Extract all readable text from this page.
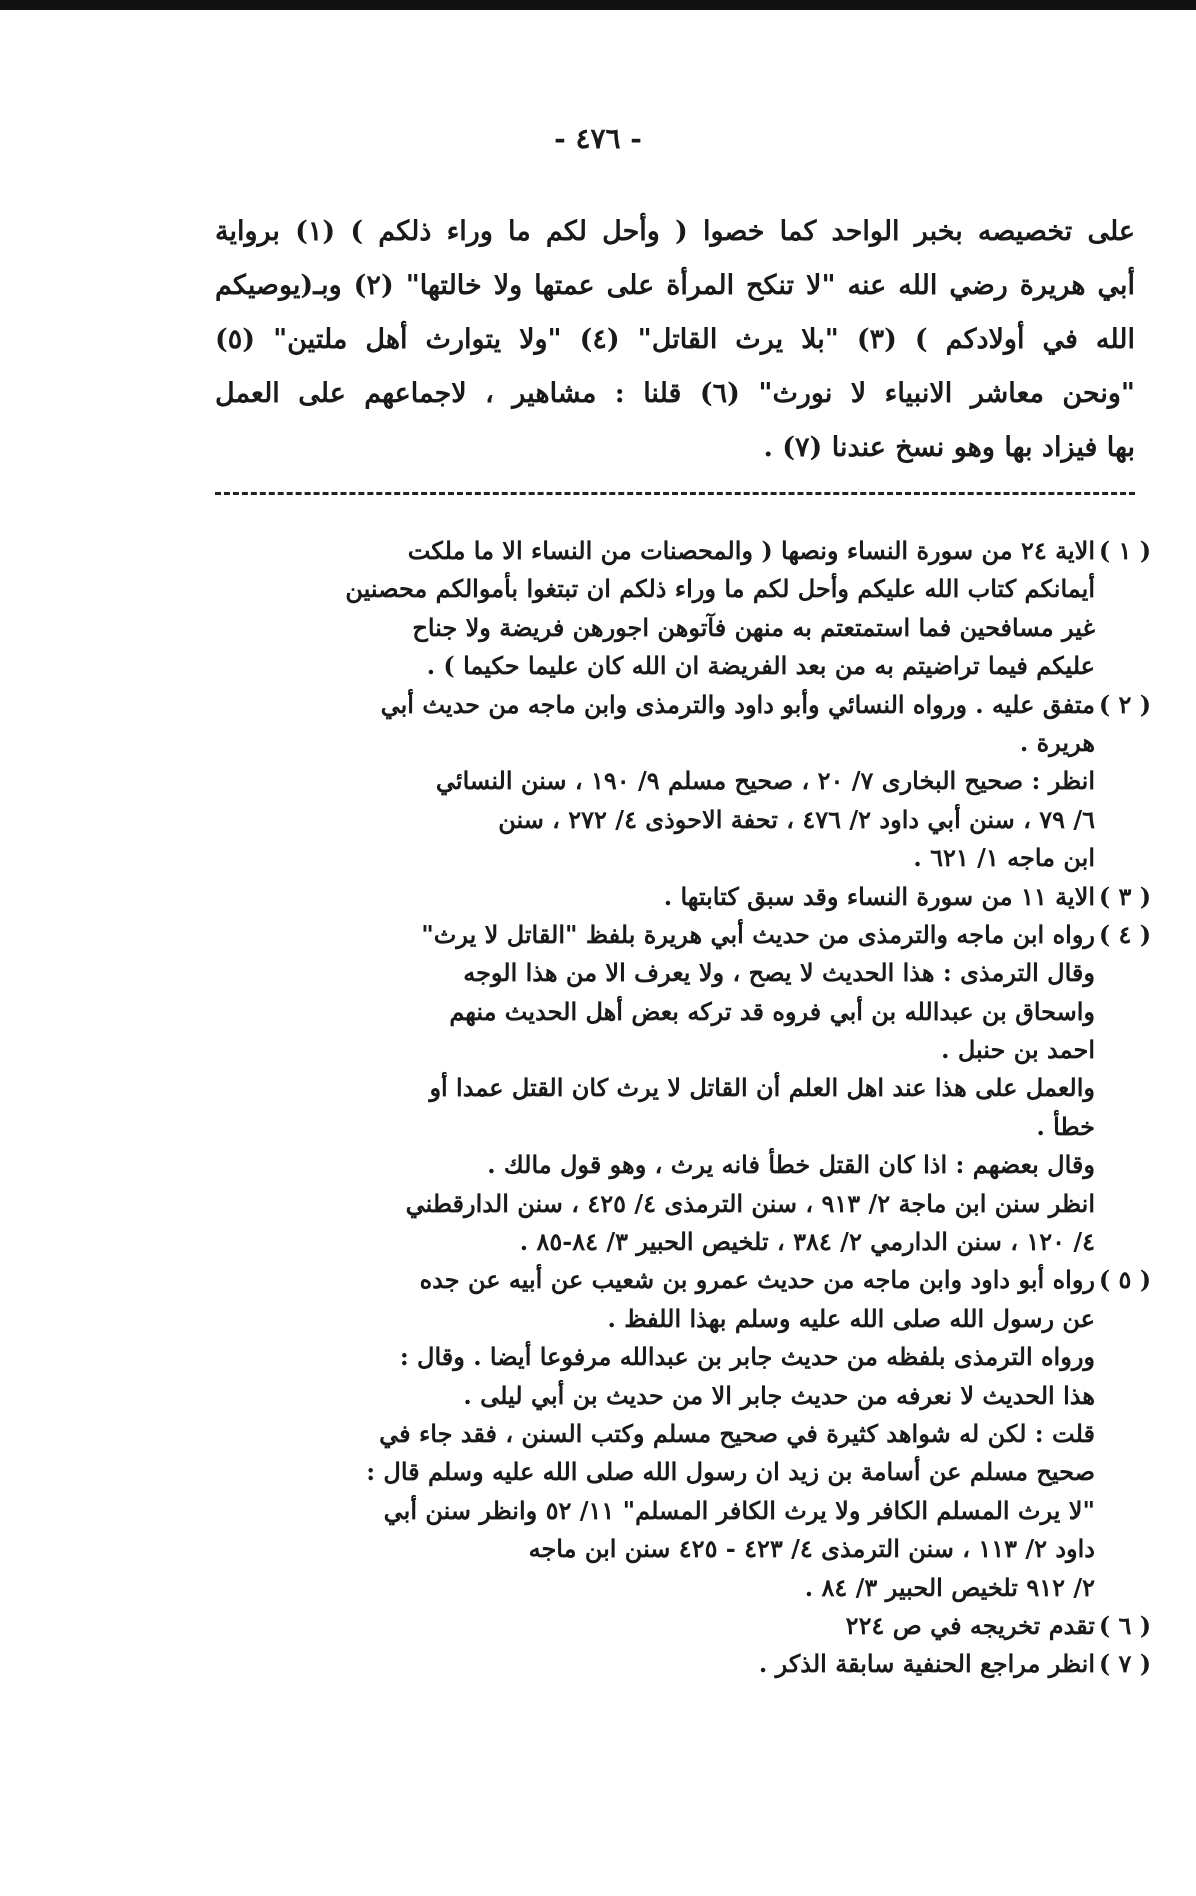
- ٤٧٦ -
على تخصيصه بخبر الواحد كما خصوا ( وأحل لكم ما وراء ذلكم ) (١) برواية
أبي هريرة رضي الله عنه "لا تنكح المرأة على عمتها ولا خالتها" (٢) وبـ(يوصيكم
الله في أولادكم ) (٣) "بلا يرث القاتل" (٤) "ولا يتوارث أهل ملتين" (٥)
"ونحن معاشر الانبياء لا نورث" (٦) قلنا : مشاهير ، لاجماعهم على العمل
بها فيزاد بها وهو نسخ عندنا (٧) .
( ١ )
الاية ٢٤ من سورة النساء ونصها ( والمحصنات من النساء الا ما ملكت
أيمانكم كتاب الله عليكم وأحل لكم ما وراء ذلكم ان تبتغوا بأموالكم محصنين
غير مسافحين فما استمتعتم به منهن فآتوهن اجورهن فريضة ولا جناح
عليكم فيما تراضيتم به من بعد الفريضة ان الله كان عليما حكيما ) .
( ٢ )
متفق عليه . ورواه النسائي وأبو داود والترمذى وابن ماجه من حديث أبي
هريرة .
انظر : صحيح البخارى ٧/ ٢٠ ، صحيح مسلم ٩/ ١٩٠ ، سنن النسائي
٦/ ٧٩ ، سنن أبي داود ٢/ ٤٧٦ ، تحفة الاحوذى ٤/ ٢٧٢ ، سنن
ابن ماجه ١/ ٦٢١ .
( ٣ )
الاية ١١ من سورة النساء وقد سبق كتابتها .
( ٤ )
رواه ابن ماجه والترمذى من حديث أبي هريرة بلفظ "القاتل لا يرث"
وقال الترمذى : هذا الحديث لا يصح ، ولا يعرف الا من هذا الوجه
واسحاق بن عبدالله بن أبي فروه قد تركه بعض أهل الحديث منهم
احمد بن حنبل .
والعمل على هذا عند اهل العلم أن القاتل لا يرث كان القتل عمدا أو
خطأ .
وقال بعضهم : اذا كان القتل خطأ فانه يرث ، وهو قول مالك .
انظر سنن ابن ماجة ٢/ ٩١٣ ، سنن الترمذى ٤/ ٤٢٥ ، سنن الدارقطني
٤/ ١٢٠ ، سنن الدارمي ٢/ ٣٨٤ ، تلخيص الحبير ٣/ ٨٤-٨٥ .
( ٥ )
رواه أبو داود وابن ماجه من حديث عمرو بن شعيب عن أبيه عن جده
عن رسول الله صلى الله عليه وسلم بهذا اللفظ .
ورواه الترمذى بلفظه من حديث جابر بن عبدالله مرفوعا أيضا . وقال :
هذا الحديث لا نعرفه من حديث جابر الا من حديث بن أبي ليلى .
قلت : لكن له شواهد كثيرة في صحيح مسلم وكتب السنن ، فقد جاء في
صحيح مسلم عن أسامة بن زيد ان رسول الله صلى الله عليه وسلم قال :
"لا يرث المسلم الكافر ولا يرث الكافر المسلم" ١١/ ٥٢ وانظر سنن أبي
داود ٢/ ١١٣ ، سنن الترمذى ٤/ ٤٢٣ - ٤٢٥ سنن ابن ماجه
٢/ ٩١٢ تلخيص الحبير ٣/ ٨٤ .
( ٦ )
تقدم تخريجه في ص ٢٢٤
( ٧ )
انظر مراجع الحنفية سابقة الذكر .
